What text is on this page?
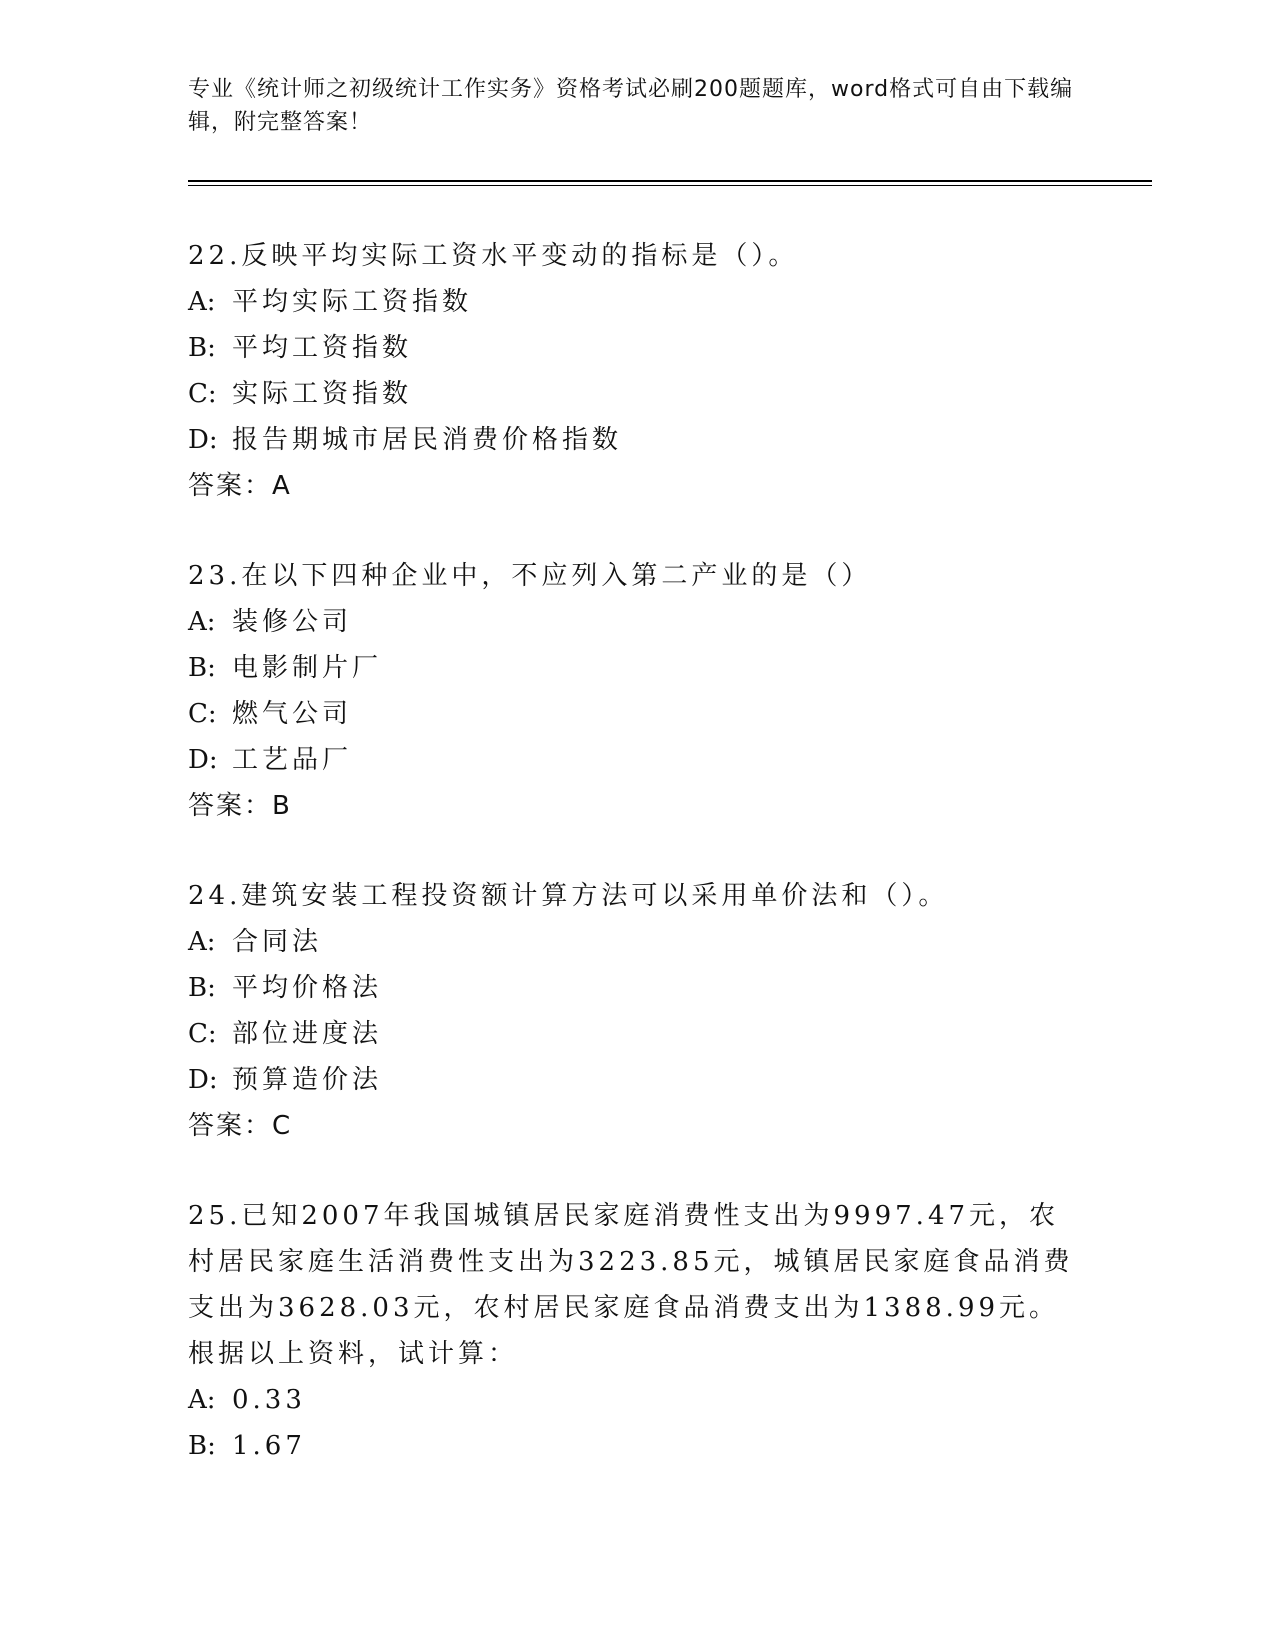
专业《统计师之初级统计工作实务》资格考试必刷200题题库，word格式可自由下载编辑，附完整答案！
22.反映平均实际工资水平变动的指标是（）。
A: 平均实际工资指数
B: 平均工资指数
C: 实际工资指数
D: 报告期城市居民消费价格指数
答案：A
23.在以下四种企业中，不应列入第二产业的是（）
A: 装修公司
B: 电影制片厂
C: 燃气公司
D: 工艺品厂
答案：B
24.建筑安装工程投资额计算方法可以采用单价法和（）。
A: 合同法
B: 平均价格法
C: 部位进度法
D: 预算造价法
答案：C
25.已知2007年我国城镇居民家庭消费性支出为9997.47元，农村居民家庭生活消费性支出为3223.85元，城镇居民家庭食品消费支出为3628.03元，农村居民家庭食品消费支出为1388.99元。根据以上资料，试计算：
A: 0.33
B: 1.67
